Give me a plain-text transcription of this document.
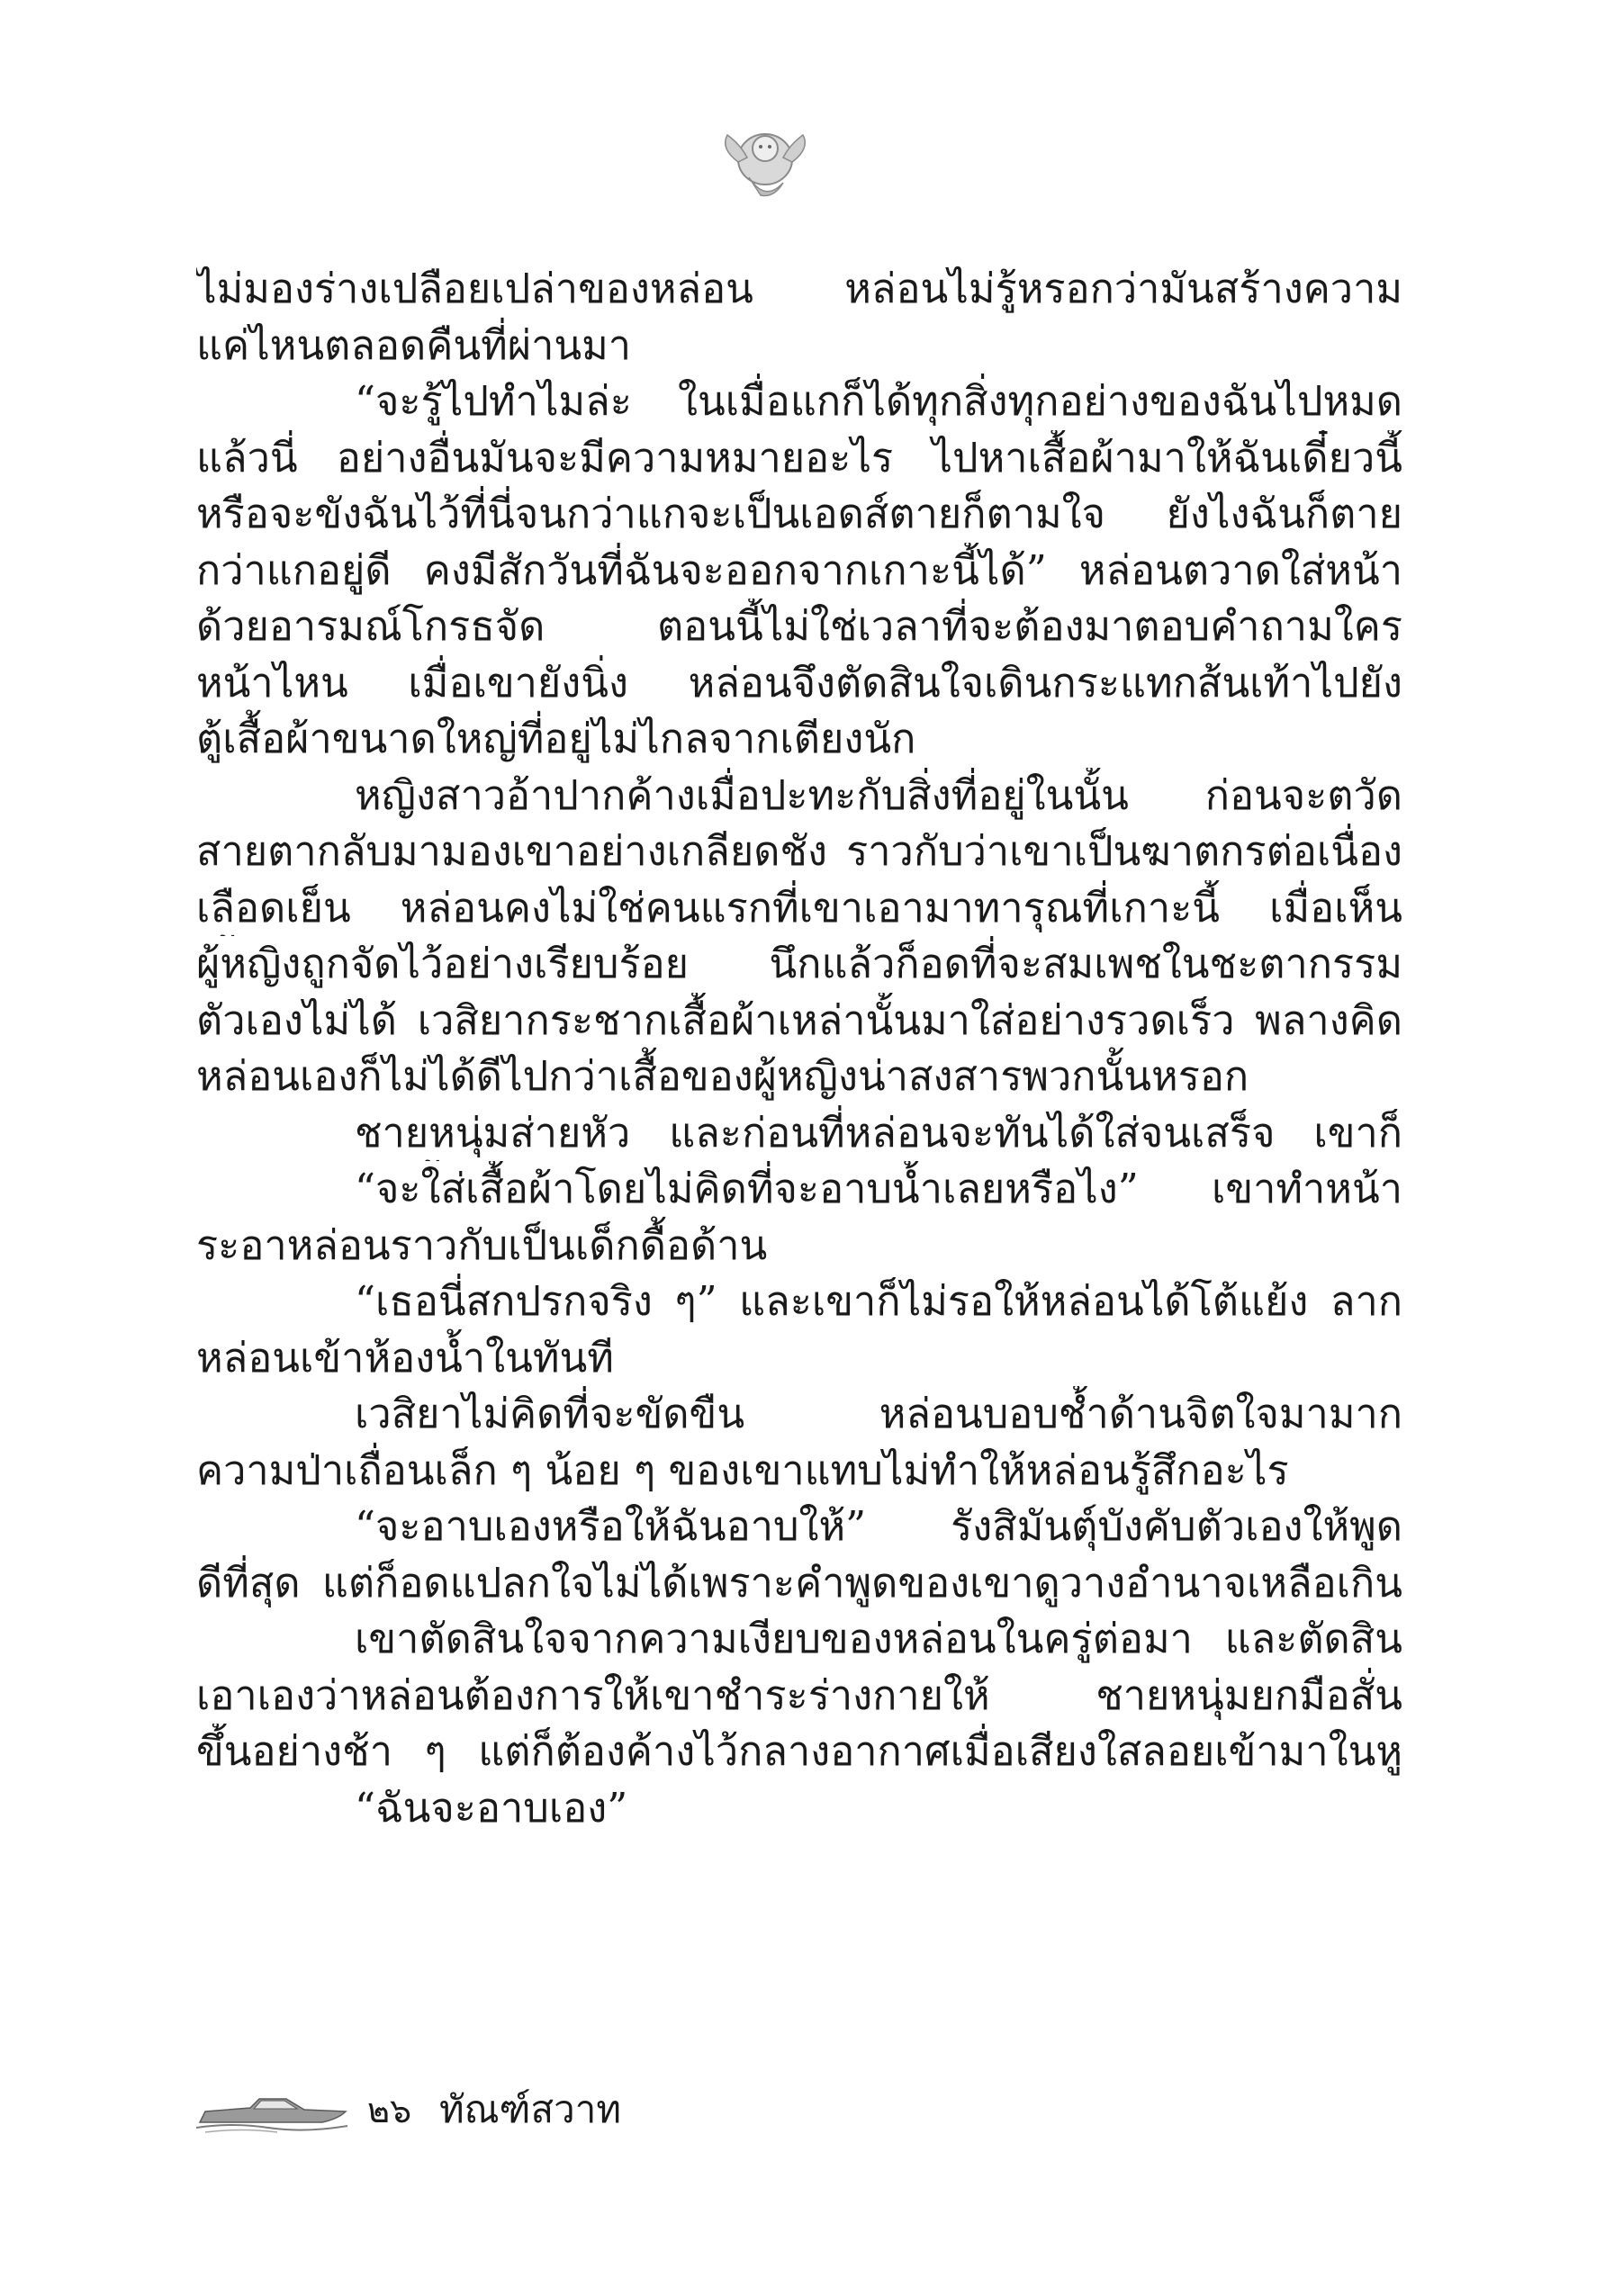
ไม่มองร่างเปลือยเปล่าของหล่อน หล่อนไม่รู้หรอกว่ามันสร้างความ
แค่ไหนตลอดคืนที่ผ่านมา
“จะรู้ไปทำไมล่ะ ในเมื่อแกก็ได้ทุกสิ่งทุกอย่างของฉันไปหมด
แล้วนี่ อย่างอื่นมันจะมีความหมายอะไร ไปหาเสื้อผ้ามาให้ฉันเดี๋ยวนี้
หรือจะขังฉันไว้ที่นี่จนกว่าแกจะเป็นเอดส์ตายก็ตามใจ ยังไงฉันก็ตาย
กว่าแกอยู่ดี คงมีสักวันที่ฉันจะออกจากเกาะนี้ได้” หล่อนตวาดใส่หน้า
ด้วยอารมณ์โกรธจัด ตอนนี้ไม่ใช่เวลาที่จะต้องมาตอบคำถามใคร
หน้าไหน เมื่อเขายังนิ่ง หล่อนจึงตัดสินใจเดินกระแทกส้นเท้าไปยัง
ตู้เสื้อผ้าขนาดใหญ่ที่อยู่ไม่ไกลจากเตียงนัก
หญิงสาวอ้าปากค้างเมื่อปะทะกับสิ่งที่อยู่ในนั้น ก่อนจะตวัด
สายตากลับมามองเขาอย่างเกลียดชัง ราวกับว่าเขาเป็นฆาตกรต่อเนื่อง
เลือดเย็น หล่อนคงไม่ใช่คนแรกที่เขาเอามาทารุณที่เกาะนี้ เมื่อเห็น
ผู้หญิงถูกจัดไว้อย่างเรียบร้อย นึกแล้วก็อดที่จะสมเพชในชะตากรรม
ตัวเองไม่ได้ เวสิยากระชากเสื้อผ้าเหล่านั้นมาใส่อย่างรวดเร็ว พลางคิด
หล่อนเองก็ไม่ได้ดีไปกว่าเสื้อของผู้หญิงน่าสงสารพวกนั้นหรอก
ชายหนุ่มส่ายหัว และก่อนที่หล่อนจะทันได้ใส่จนเสร็จ เขาก็
“จะใส่เสื้อผ้าโดยไม่คิดที่จะอาบน้ำเลยหรือไง” เขาทำหน้า
ระอาหล่อนราวกับเป็นเด็กดื้อด้าน
“เธอนี่สกปรกจริง ๆ” และเขาก็ไม่รอให้หล่อนได้โต้แย้ง ลาก
หล่อนเข้าห้องน้ำในทันที
เวสิยาไม่คิดที่จะขัดขืน หล่อนบอบช้ำด้านจิตใจมามาก
ความป่าเถื่อนเล็ก ๆ น้อย ๆ ของเขาแทบไม่ทำให้หล่อนรู้สึกอะไร
“จะอาบเองหรือให้ฉันอาบให้” รังสิมันตุ์บังคับตัวเองให้พูด
ดีที่สุด แต่ก็อดแปลกใจไม่ได้เพราะคำพูดของเขาดูวางอำนาจเหลือเกิน
เขาตัดสินใจจากความเงียบของหล่อนในครู่ต่อมา และตัดสิน
เอาเองว่าหล่อนต้องการให้เขาชำระร่างกายให้ ชายหนุ่มยกมือสั่น
ขึ้นอย่างช้า ๆ แต่ก็ต้องค้างไว้กลางอากาศเมื่อเสียงใสลอยเข้ามาในหู
“ฉันจะอาบเอง”
๒๖ ทัณฑ์สวาท
